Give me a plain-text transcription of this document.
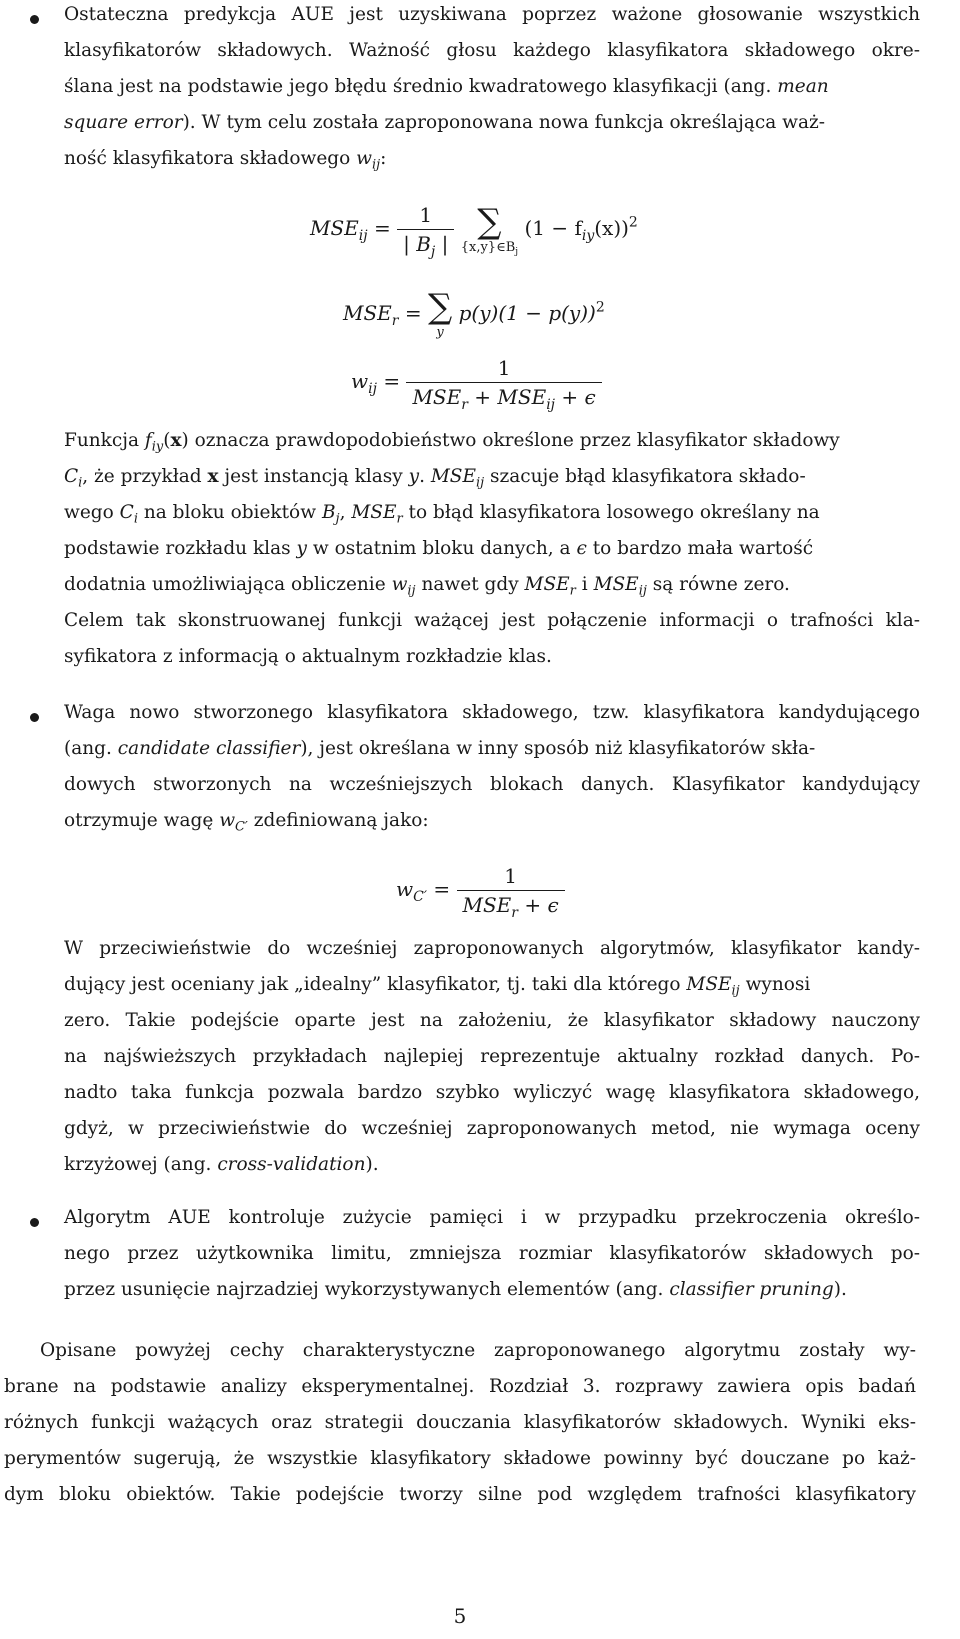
Ostateczna predykcja AUE jest uzyskiwana poprzez ważone głosowanie wszystkich
klasyfikatorów składowych. Ważność głosu każdego klasyfikatora składowego okre-
ślana jest na podstawie jego błędu średnio kwadratowego klasyfikacji (ang. mean
square error). W tym celu została zaproponowana nowa funkcja określająca waż-
ność klasyfikatora składowego $w_{ij}$:
$MSE_{ij} = \frac{1}{| B_j |}$
∑
$\{x,y\}\in B_j$
$(1 - f_{iy}(x))^2$
$MSE_r$ = ∑
y
$p(y)(1 - p(y))^2$
$w_{ij} = \frac{1}{MSE_r + MSE_{ij} + \epsilon}$
Funkcja $f_{iy}(x)$ oznacza prawdopodobieństwo określone przez klasyfikator składowy
$C_i$, że przykład x jest instancją klasy y. $MSE_{ij}$ szacuje błąd klasyfikatora składo-
wego $C_i$ na bloku obiektów $B_j$, $MSE_r$ to błąd klasyfikatora losowego określany na
podstawie rozkładu klas y w ostatnim bloku danych, a ϵ to bardzo mała wartość
dodatnia umożliwiająca obliczenie $w_{ij}$ nawet gdy $MSE_r$ i $MSE_{ij}$ są równe zero.
Celem tak skonstruowanej funkcji ważącej jest połączenie informacji o trafności kla-
syfikatora z informacją o aktualnym rozkładzie klas.
Waga nowo stworzonego klasyfikatora składowego, tzw. klasyfikatora kandydującego
(ang. candidate classifier), jest określana w inny sposób niż klasyfikatorów skła-
dowych stworzonych na wcześniejszych blokach danych. Klasyfikator kandydujący
otrzymuje wagę $w_{C'}$ zdefiniowaną jako:
$w_{C'} = \frac{1}{MSE_r + \epsilon}$
W przeciwieństwie do wcześniej zaproponowanych algorytmów, klasyfikator kandy-
dujący jest oceniany jak „idealny” klasyfikator, tj. taki dla którego $MSE_{ij}$ wynosi
zero. Takie podejście oparte jest na założeniu, że klasyfikator składowy nauczony
na najświeższych przykładach najlepiej reprezentuje aktualny rozkład danych. Po-
nadto taka funkcja pozwala bardzo szybko wyliczyć wagę klasyfikatora składowego,
gdyż, w przeciwieństwie do wcześniej zaproponowanych metod, nie wymaga oceny
krzyżowej (ang. cross-validation).
Algorytm AUE kontroluje zużycie pamięci i w przypadku przekroczenia określo-
nego przez użytkownika limitu, zmniejsza rozmiar klasyfikatorów składowych po-
przez usunięcie najrzadziej wykorzystywanych elementów (ang. classifier pruning).
Opisane powyżej cechy charakterystyczne zaproponowanego algorytmu zostały wy-
brane na podstawie analizy eksperymentalnej. Rozdział 3. rozprawy zawiera opis badań
różnych funkcji ważących oraz strategii douczania klasyfikatorów składowych. Wyniki eks-
perymentów sugerują, że wszystkie klasyfikatory składowe powinny być douczane po każ-
dym bloku obiektów. Takie podejście tworzy silne pod względem trafności klasyfikatory
5
